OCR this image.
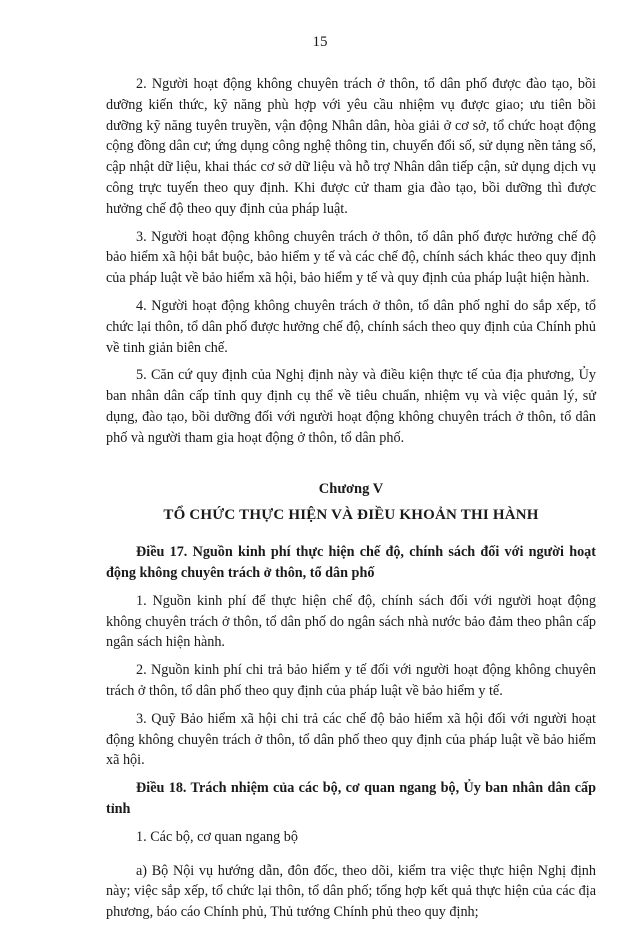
15

2. Người hoạt động không chuyên trách ở thôn, tổ dân phố được đào tạo, bồi dưỡng kiến thức, kỹ năng phù hợp với yêu cầu nhiệm vụ được giao; ưu tiên bồi dưỡng kỹ năng tuyên truyền, vận động Nhân dân, hòa giải ở cơ sở, tổ chức hoạt động cộng đồng dân cư; ứng dụng công nghệ thông tin, chuyển đổi số, sử dụng nền tảng số, cập nhật dữ liệu, khai thác cơ sở dữ liệu và hỗ trợ Nhân dân tiếp cận, sử dụng dịch vụ công trực tuyến theo quy định. Khi được cử tham gia đào tạo, bồi dưỡng thì được hưởng chế độ theo quy định của pháp luật.

3. Người hoạt động không chuyên trách ở thôn, tổ dân phố được hưởng chế độ bảo hiểm xã hội bắt buộc, bảo hiểm y tế và các chế độ, chính sách khác theo quy định của pháp luật về bảo hiểm xã hội, bảo hiểm y tế và quy định của pháp luật hiện hành.

4. Người hoạt động không chuyên trách ở thôn, tổ dân phố nghỉ do sắp xếp, tổ chức lại thôn, tổ dân phố được hưởng chế độ, chính sách theo quy định của Chính phủ về tinh giản biên chế.

5. Căn cứ quy định của Nghị định này và điều kiện thực tế của địa phương, Ủy ban nhân dân cấp tỉnh quy định cụ thể về tiêu chuẩn, nhiệm vụ và việc quản lý, sử dụng, đào tạo, bồi dưỡng đối với người hoạt động không chuyên trách ở thôn, tổ dân phố và người tham gia hoạt động ở thôn, tổ dân phố.

Chương V

TỔ CHỨC THỰC HIỆN VÀ ĐIỀU KHOẢN THI HÀNH

Điều 17. Nguồn kinh phí thực hiện chế độ, chính sách đối với người hoạt động không chuyên trách ở thôn, tổ dân phố

1. Nguồn kinh phí để thực hiện chế độ, chính sách đối với người hoạt động không chuyên trách ở thôn, tổ dân phố do ngân sách nhà nước bảo đảm theo phân cấp ngân sách hiện hành.

2. Nguồn kinh phí chi trả bảo hiểm y tế đối với người hoạt động không chuyên trách ở thôn, tổ dân phố theo quy định của pháp luật về bảo hiểm y tế.

3. Quỹ Bảo hiểm xã hội chi trả các chế độ bảo hiểm xã hội đối với người hoạt động không chuyên trách ở thôn, tổ dân phố theo quy định của pháp luật về bảo hiểm xã hội.

Điều 18. Trách nhiệm của các bộ, cơ quan ngang bộ, Ủy ban nhân dân cấp tỉnh

1. Các bộ, cơ quan ngang bộ

a) Bộ Nội vụ hướng dẫn, đôn đốc, theo dõi, kiểm tra việc thực hiện Nghị định này; việc sắp xếp, tổ chức lại thôn, tổ dân phố; tổng hợp kết quả thực hiện của các địa phương, báo cáo Chính phủ, Thủ tướng Chính phủ theo quy định;
